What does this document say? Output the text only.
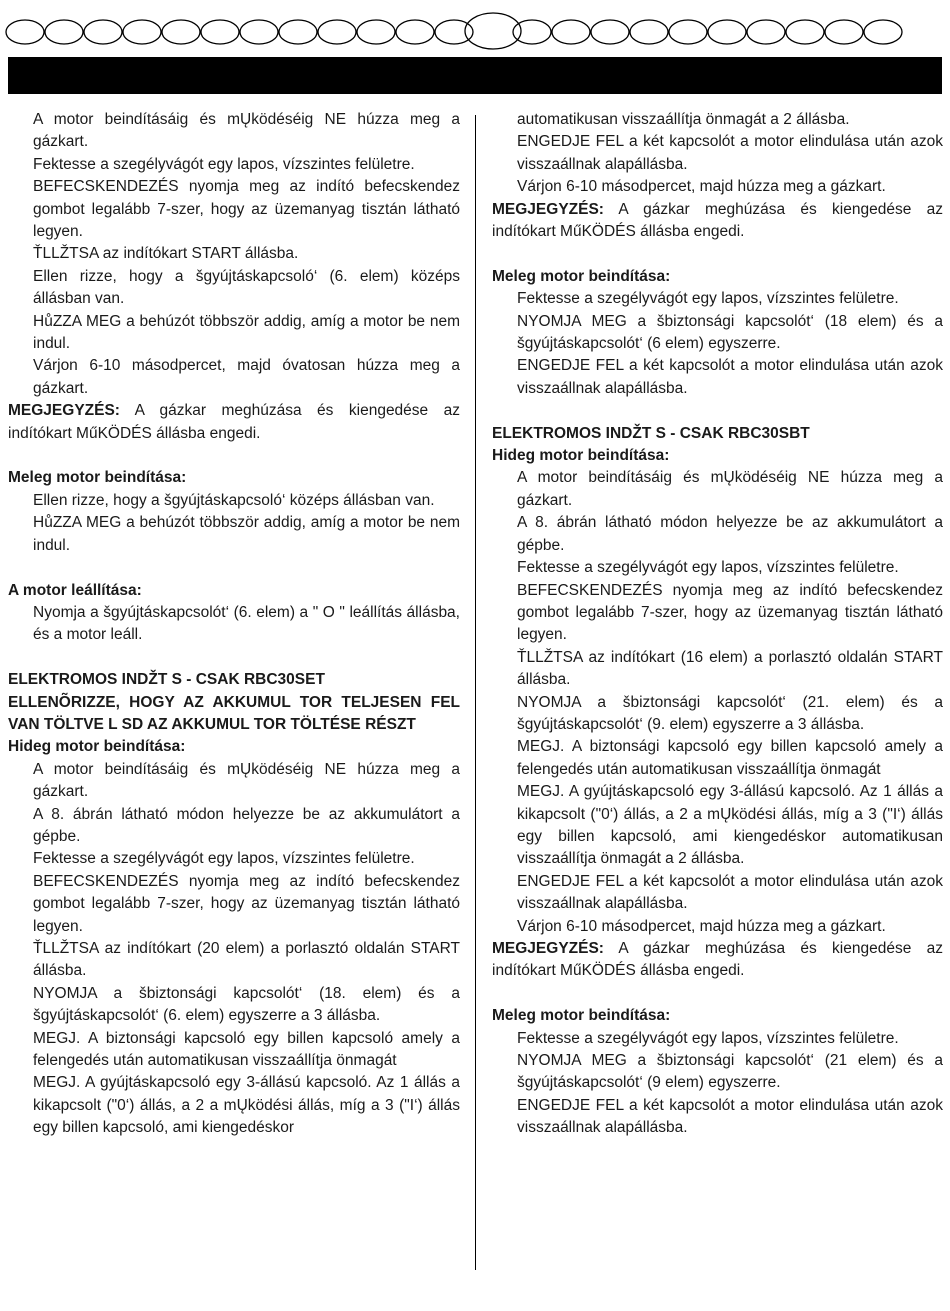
A motor beindításáig és mŲködéséig NE húzza meg a gázkart.

Fektesse a szegélyvágót egy lapos, vízszintes felületre.

BEFECSKENDEZÉS nyomja meg az indító befecskendez gombot legalább 7-szer, hogy az üzemanyag tisztán látható legyen.

ŤLLŽTSA az indítókart START állásba.

Ellen rizze, hogy a šgyújtáskapcsoló‘ (6. elem) középs állásban van.

HůZZA MEG a behúzót többször addig, amíg a motor be nem indul.

Várjon 6-10 másodpercet, majd óvatosan húzza meg a gázkart.

MEGJEGYZÉS: A gázkar meghúzása és kiengedése az indítókart MűKÖDÉS állásba engedi.

Meleg motor beindítása:

Ellen rizze, hogy a šgyújtáskapcsoló‘ középs állásban van.

HůZZA MEG a behúzót többször addig, amíg a motor be nem indul.

A motor leállítása:

Nyomja a šgyújtáskapcsolót‘ (6. elem) a " O " leállítás állásba, és a motor leáll.

ELEKTROMOS INDŽT S - CSAK RBC30SET

ELLENÕRIZZE, HOGY AZ AKKUMUL TOR TELJESEN FEL VAN TÖLTVE L SD AZ AKKUMUL TOR TÖLTÉSE RÉSZT

Hideg motor beindítása:

A motor beindításáig és mŲködéséig NE húzza meg a gázkart.

A 8. ábrán látható módon helyezze be az akkumulátort a gépbe.

Fektesse a szegélyvágót egy lapos, vízszintes felületre.

BEFECSKENDEZÉS nyomja meg az indító befecskendez gombot legalább 7-szer, hogy az üzemanyag tisztán látható legyen.

ŤLLŽTSA az indítókart (20 elem) a porlasztó oldalán START állásba.

NYOMJA a šbiztonsági kapcsolót‘ (18. elem) és a šgyújtáskapcsolót‘ (6. elem) egyszerre a 3 állásba.

MEGJ. A biztonsági kapcsoló egy billen kapcsoló amely a felengedés után automatikusan visszaállítja önmagát

MEGJ. A gyújtáskapcsoló egy 3-állású kapcsoló. Az 1 állás a kikapcsolt ("0‘) állás, a 2 a mŲködési állás, míg a 3 ("I‘) állás egy billen kapcsoló, ami kiengedéskor

automatikusan visszaállítja önmagát a 2 állásba.

ENGEDJE FEL a két kapcsolót a motor elindulása után azok visszaállnak alapállásba.

Várjon 6-10 másodpercet, majd húzza meg a gázkart.

MEGJEGYZÉS: A gázkar meghúzása és kiengedése az indítókart MűKÖDÉS állásba engedi.

Meleg motor beindítása:

Fektesse a szegélyvágót egy lapos, vízszintes felületre.

NYOMJA MEG a šbiztonsági kapcsolót‘ (18 elem) és a šgyújtáskapcsolót‘ (6 elem) egyszerre.

ENGEDJE FEL a két kapcsolót a motor elindulása után azok visszaállnak alapállásba.

ELEKTROMOS INDŽT S - CSAK RBC30SBT

Hideg motor beindítása:

A motor beindításáig és mŲködéséig NE húzza meg a gázkart.

A 8. ábrán látható módon helyezze be az akkumulátort a gépbe.

Fektesse a szegélyvágót egy lapos, vízszintes felületre.

BEFECSKENDEZÉS nyomja meg az indító befecskendez gombot legalább 7-szer, hogy az üzemanyag tisztán látható legyen.

ŤLLŽTSA az indítókart (16 elem) a porlasztó oldalán START állásba.

NYOMJA a šbiztonsági kapcsolót‘ (21. elem) és a šgyújtáskapcsolót‘ (9. elem) egyszerre a 3 állásba.

MEGJ. A biztonsági kapcsoló egy billen kapcsoló amely a felengedés után automatikusan visszaállítja önmagát

MEGJ. A gyújtáskapcsoló egy 3-állású kapcsoló. Az 1 állás a kikapcsolt ("0‘) állás, a 2 a mŲködési állás, míg a 3 ("I‘) állás egy billen kapcsoló, ami kiengedéskor automatikusan visszaállítja önmagát a 2 állásba.

ENGEDJE FEL a két kapcsolót a motor elindulása után azok visszaállnak alapállásba.

Várjon 6-10 másodpercet, majd húzza meg a gázkart.

MEGJEGYZÉS: A gázkar meghúzása és kiengedése az indítókart MűKÖDÉS állásba engedi.

Meleg motor beindítása:

Fektesse a szegélyvágót egy lapos, vízszintes felületre.

NYOMJA MEG a šbiztonsági kapcsolót‘ (21 elem) és a šgyújtáskapcsolót‘ (9 elem) egyszerre.

ENGEDJE FEL a két kapcsolót a motor elindulása után azok visszaállnak alapállásba.
